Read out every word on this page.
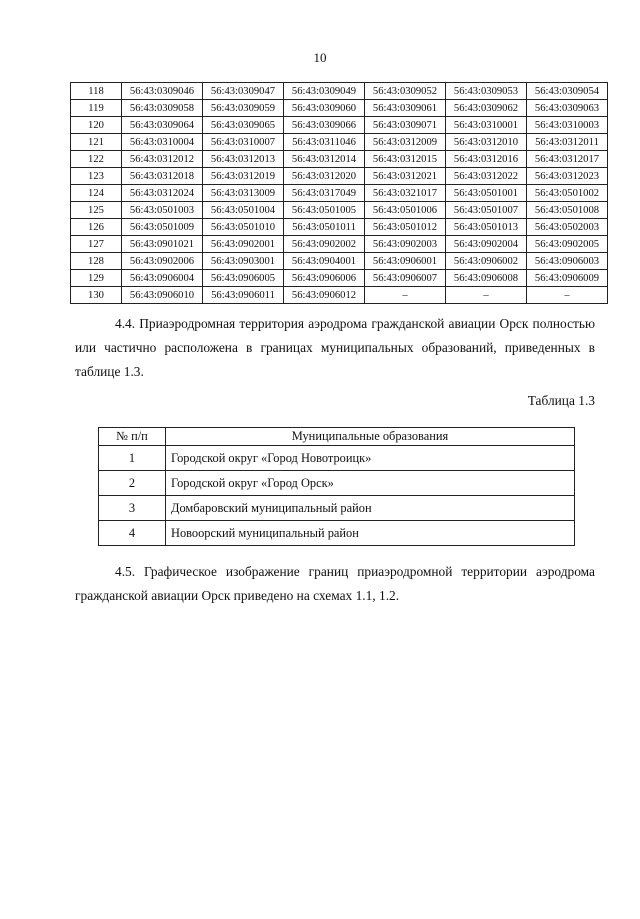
10
118	56:43:0309046	56:43:0309047	56:43:0309049	56:43:0309052	56:43:0309053	56:43:0309054
119	56:43:0309058	56:43:0309059	56:43:0309060	56:43:0309061	56:43:0309062	56:43:0309063
120	56:43:0309064	56:43:0309065	56:43:0309066	56:43:0309071	56:43:0310001	56:43:0310003
121	56:43:0310004	56:43:0310007	56:43:0311046	56:43:0312009	56:43:0312010	56:43:0312011
122	56:43:0312012	56:43:0312013	56:43:0312014	56:43:0312015	56:43:0312016	56:43:0312017
123	56:43:0312018	56:43:0312019	56:43:0312020	56:43:0312021	56:43:0312022	56:43:0312023
124	56:43:0312024	56:43:0313009	56:43:0317049	56:43:0321017	56:43:0501001	56:43:0501002
125	56:43:0501003	56:43:0501004	56:43:0501005	56:43:0501006	56:43:0501007	56:43:0501008
126	56:43:0501009	56:43:0501010	56:43:0501011	56:43:0501012	56:43:0501013	56:43:0502003
127	56:43:0901021	56:43:0902001	56:43:0902002	56:43:0902003	56:43:0902004	56:43:0902005
128	56:43:0902006	56:43:0903001	56:43:0904001	56:43:0906001	56:43:0906002	56:43:0906003
129	56:43:0906004	56:43:0906005	56:43:0906006	56:43:0906007	56:43:0906008	56:43:0906009
130	56:43:0906010	56:43:0906011	56:43:0906012	–	–	–
4.4. Приаэродромная территория аэродрома гражданской авиации Орск полностью или частично расположена в границах муниципальных образований, приведенных в таблице 1.3.
Таблица 1.3
№ п/п	Муниципальные образования
1	Городской округ «Город Новотроицк»
2	Городской округ «Город Орск»
3	Домбаровский муниципальный район
4	Новоорский муниципальный район
4.5. Графическое изображение границ приаэродромной территории аэродрома гражданской авиации Орск приведено на схемах 1.1, 1.2.
